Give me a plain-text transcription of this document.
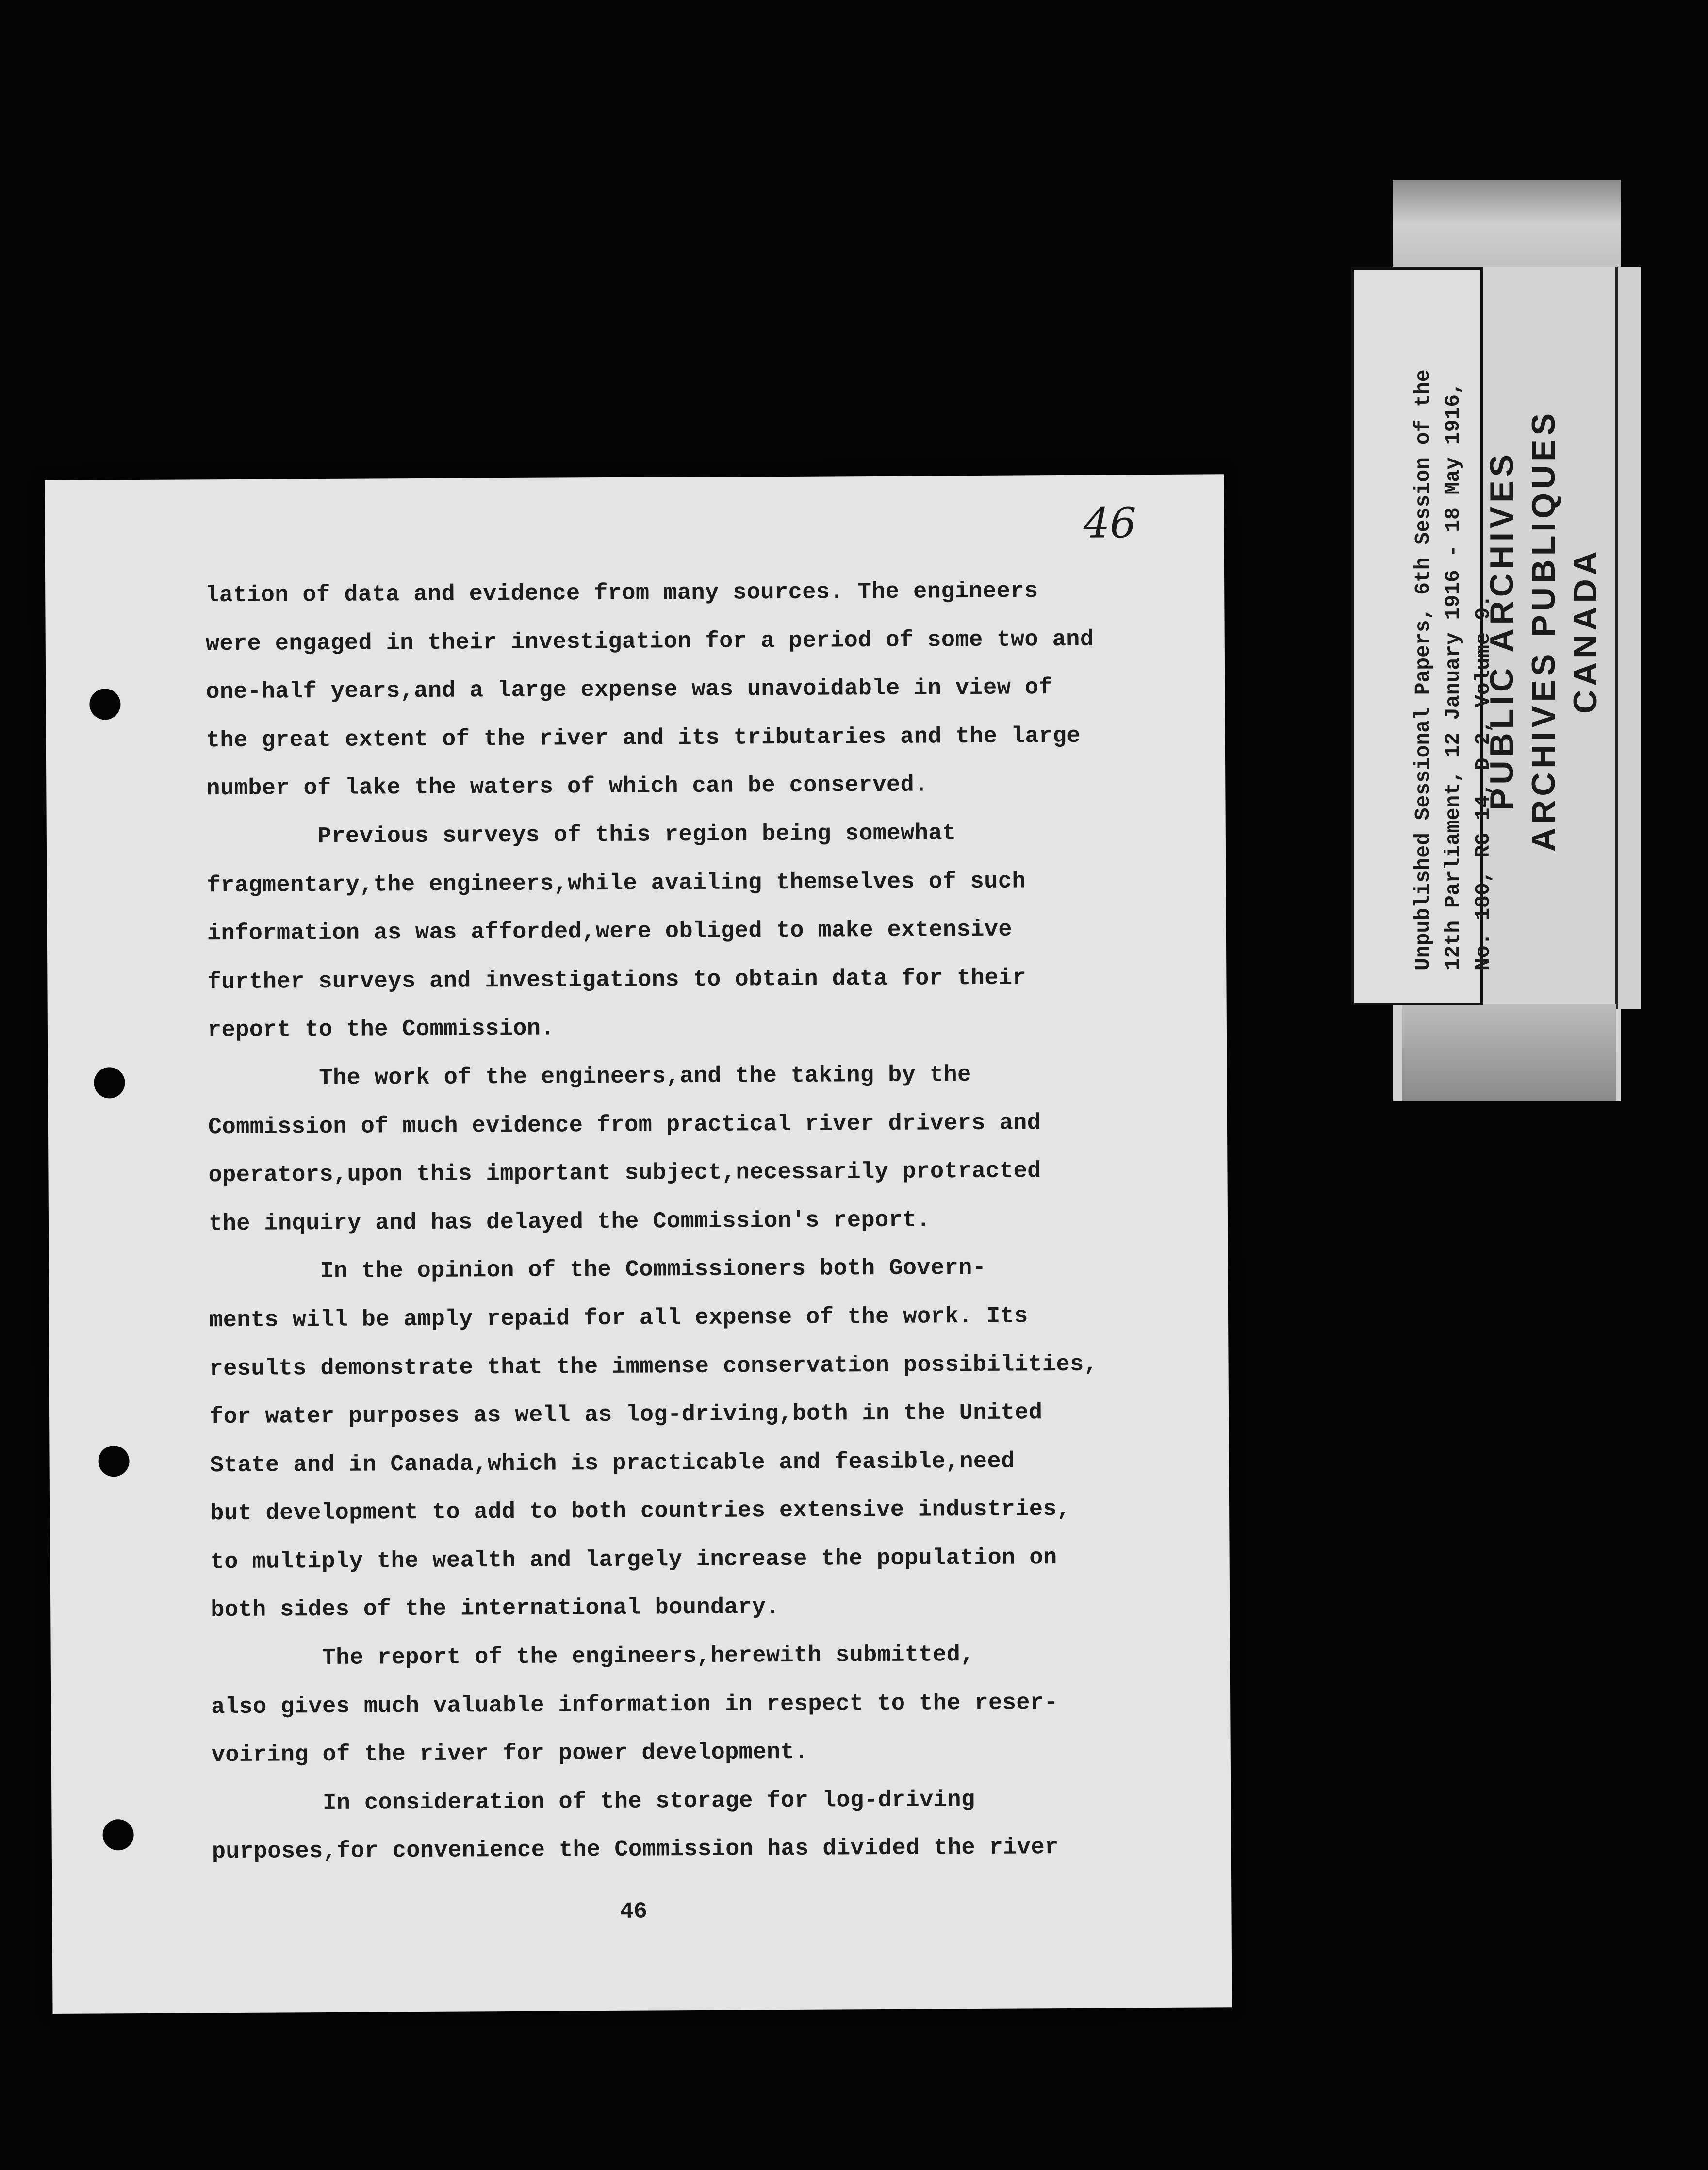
46
lation of data and evidence from many sources. The engineers
were engaged in their investigation for a period of some two and
one-half years,and a large expense was unavoidable in view of
the great extent of the river and its tributaries and the large
number of lake the waters of which can be conserved.
Previous surveys of this region being somewhat
fragmentary,the engineers,while availing themselves of such
information as was afforded,were obliged to make extensive
further surveys and investigations to obtain data for their
report to the Commission.
The work of the engineers,and the taking by the
Commission of much evidence from practical river drivers and
operators,upon this important subject,necessarily protracted
the inquiry and has delayed the Commission's report.
In the opinion of the Commissioners both Govern-
ments will be amply repaid for all expense of the work. Its
results demonstrate that the immense conservation possibilities,
for water purposes as well as log-driving,both in the United
State and in Canada,which is practicable and feasible,need
but development to add to both countries extensive industries,
to multiply the wealth and largely increase the population on
both sides of the international boundary.
The report of the engineers,herewith submitted,
also gives much valuable information in respect to the reser-
voiring of the river for power development.
In consideration of the storage for log-driving
purposes,for convenience the Commission has divided the river
46
Unpublished Sessional Papers, 6th Session of the 12th Parliament, 12 January 1916 - 18 May 1916, No. 180, RG 14, D 2, Volume 9.
PUBLIC ARCHIVES ARCHIVES PUBLIQUES CANADA
